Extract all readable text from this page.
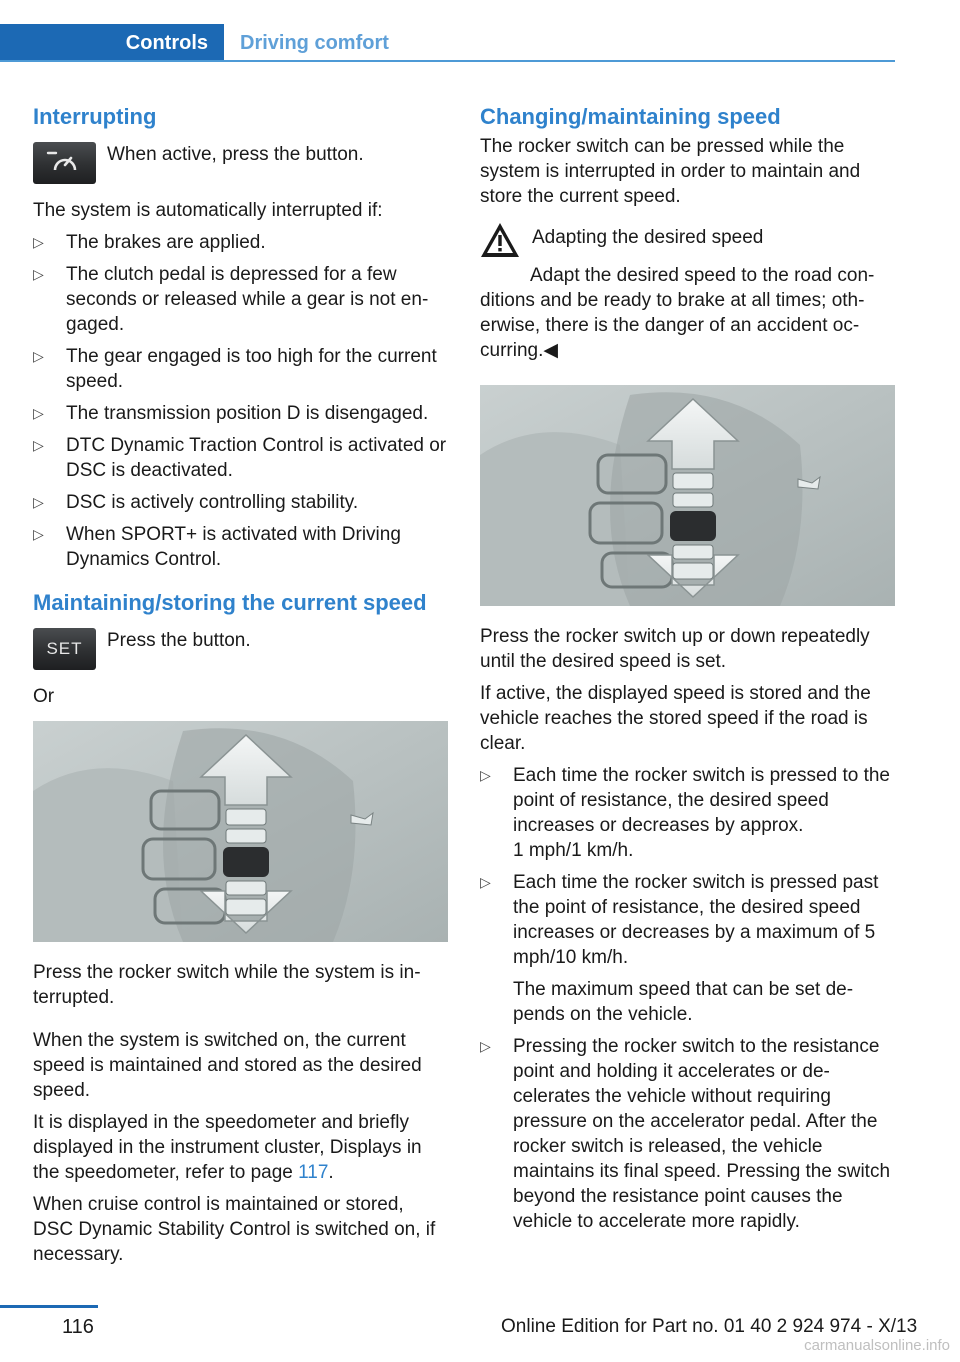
Controls Driving comfort
Interrupting
When active, press the button.

The system is automatically interrupted if:

▷ The brakes are applied.
▷ The clutch pedal is depressed for a few seconds or released while a gear is not engaged.
▷ The gear engaged is too high for the current speed.
▷ The transmission position D is disengaged.
▷ DTC Dynamic Traction Control is activated or DSC is deactivated.
▷ DSC is actively controlling stability.
▷ When SPORT+ is activated with Driving Dynamics Control.
Maintaining/storing the current speed
SET Press the button.

Or

Press the rocker switch while the system is interrupted.

When the system is switched on, the current speed is maintained and stored as the desired speed.

It is displayed in the speedometer and briefly displayed in the instrument cluster, Displays in the speedometer, refer to page 117.

When cruise control is maintained or stored, DSC Dynamic Stability Control is switched on, if necessary.

Changing/maintaining speed

The rocker switch can be pressed while the system is interrupted in order to maintain and store the current speed.

Adapting the desired speed

Adapt the desired speed to the road conditions and be ready to brake at all times; otherwise, there is the danger of an accident occurring.◀

Press the rocker switch up or down repeatedly until the desired speed is set.

If active, the displayed speed is stored and the vehicle reaches the stored speed if the road is clear.

▷ Each time the rocker switch is pressed to the point of resistance, the desired speed increases or decreases by approx.
1 mph/1 km/h.
▷ Each time the rocker switch is pressed past the point of resistance, the desired speed increases or decreases by a maximum of 5 mph/10 km/h.

The maximum speed that can be set depends on the vehicle.

▷ Pressing the rocker switch to the resistance point and holding it accelerates or decelerates the vehicle without requiring pressure on the accelerator pedal. After the rocker switch is released, the vehicle maintains its final speed. Pressing the switch beyond the resistance point causes the vehicle to accelerate more rapidly.
116	Online Edition for Part no. 01 40 2 924 974 - X/13
carmanualsonline.info
